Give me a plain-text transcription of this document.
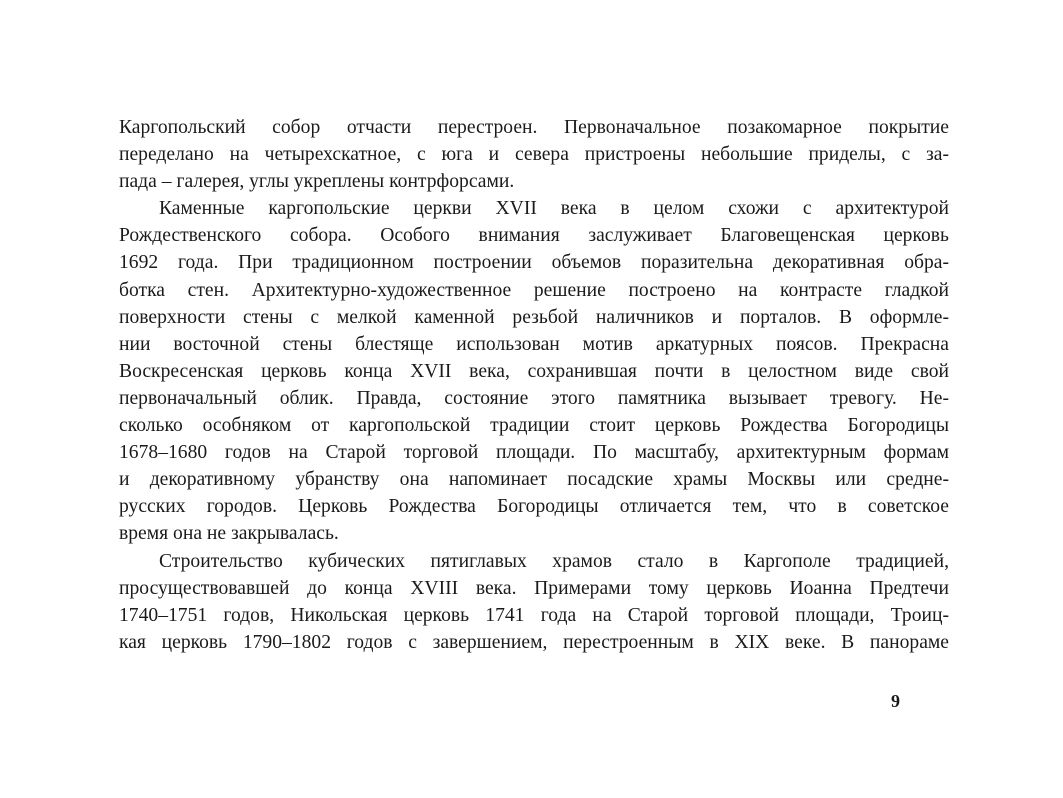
Каргопольский собор отчасти перестроен. Первоначальное позакомарное покрытие
переделано на четырехскатное, с юга и севера пристроены небольшие приделы, с за-
пада – галерея, углы укреплены контрфорсами.
Каменные каргопольские церкви XVII века в целом схожи с архитектурой
Рождественского собора. Особого внимания заслуживает Благовещенская церковь
1692 года. При традиционном построении объемов поразительна декоративная обра-
ботка стен. Архитектурно-художественное решение построено на контрасте гладкой
поверхности стены с мелкой каменной резьбой наличников и порталов. В оформле-
нии восточной стены блестяще использован мотив аркатурных поясов. Прекрасна
Воскресенская церковь конца XVII века, сохранившая почти в целостном виде свой
первоначальный облик. Правда, состояние этого памятника вызывает тревогу. Не-
сколько особняком от каргопольской традиции стоит церковь Рождества Богородицы
1678–1680 годов на Старой торговой площади. По масштабу, архитектурным формам
и декоративному убранству она напоминает посадские храмы Москвы или средне-
русских городов. Церковь Рождества Богородицы отличается тем, что в советское
время она не закрывалась.
Строительство кубических пятиглавых храмов стало в Каргополе традицией,
просуществовавшей до конца XVIII века. Примерами тому церковь Иоанна Предтечи
1740–1751 годов, Никольская церковь 1741 года на Старой торговой площади, Троиц-
кая церковь 1790–1802 годов с завершением, перестроенным в XIX веке. В панораме
9
